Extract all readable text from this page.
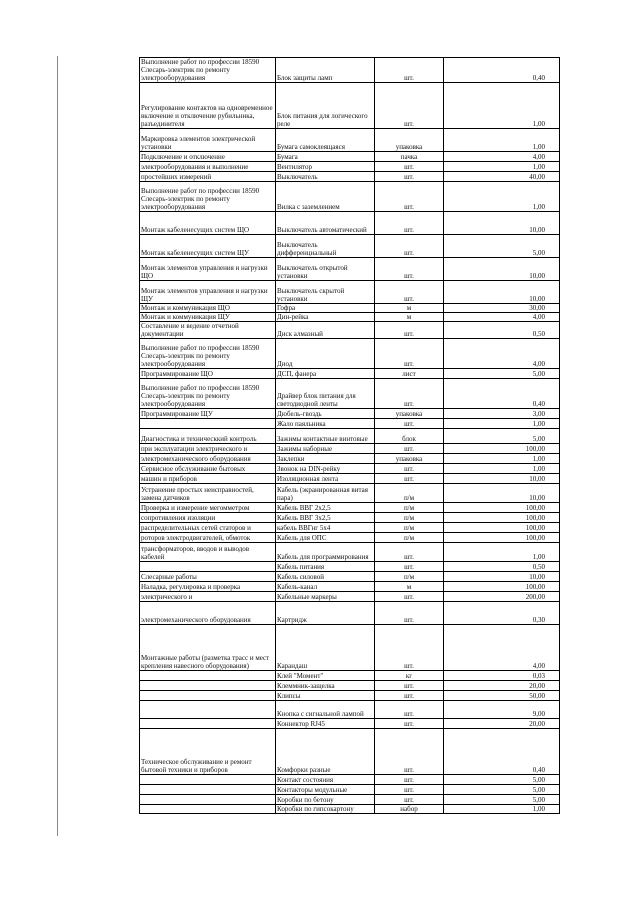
Выполнение работ по профессии 18590 Слесарь-электрик по ремонту электрооборудования	Блок защиты ламп	шт.	0,40
Регулирование контактов на одновременное включение и отключение рубильника, разъединителя	Блок питания для логического реле	шт.	1,00
Маркировка элементов электрической установки	Бумага самоклеящаяся	упаковка	1,00
Подключение и отключение	Бумага	пачка	4,00
электрооборудования и выполнение	Вентилятор	шт.	1,00
простейших измерений	Выключатель	шт.	40,00
Выполнение работ по профессии 18590 Слесарь-электрик по ремонту электрооборудования	Вилка с заземлением	шт.	1,00
Монтаж кабеленесущих систем ЩО	Выключатель автоматический	шт.	10,00
Монтаж кабеленесущих систем ЩУ	Выключатель дифференциальный	шт.	5,00
Монтаж элементов управления и нагрузки ЩО	Выключатель открытой установки	шт.	10,00
Монтаж элементов управления и нагрузки ЩУ	Выключатель скрытой установки	шт.	10,00
Монтаж и коммуникация ЩО	Гофра	м	30,00
Монтаж и коммуникация ЩУ	Дин-рейка	м	4,00
Составление и ведение отчетной документации	Диск алмазный	шт.	0,50
Выполнение работ по профессии 18590 Слесарь-электрик по ремонту электрооборудования	Диод	шт.	4,00
Программирование ЩО	ДСП, фанера	лист	5,00
Выполнение работ по профессии 18590 Слесарь-электрик по ремонту электрооборудования	Драйвер блок питания для светодиодной ленты	шт.	0,40
Программирование ЩУ	Дюбель-гвоздь	упаковка	3,00
	Жало паяльника	шт.	1,00
Диагностика и техническкий контроль	Зажимы контактные винтовые	блок	5,00
при эксплуатации электрического и	Зажимы наборные	шт.	100,00
электромеханического оборудования	Заклепки	упаковка	1,00
Сервисное обслуживание бытовых	Звонок на DIN-рейку	шт.	1,00
машин и приборов	Изоляционная лента	шт.	10,00
Устранение простых неисправностей, замена датчиков	Кабель (экранированная витая пара)	п/м	10,00
Проверка и измерение мегомметром	Кабель ВВГ 2х2,5	п/м	100,00
сопротивления изоляции	Кабель ВВГ 3х2,5	п/м	100,00
распределительных сетей статоров и	кабель ВВГнг 5х4	п/м	100,00
роторов электродвигателей, обмоток	Кабель для ОПС	п/м	100,00
трансформаторов, вводов и выводов кабелей	Кабель для программирования	шт.	1,00
	Кабель питания	шт.	0,50
Слесарные работы	Кабель силовой	п/м	10,00
Наладка, регулировка и проверка	Кабель-канал	м	100,00
электрического и	Кабельные маркеры	шт.	200,00
электромеханического оборудования	Картридж	шт.	0,30
Монтажные работы (разметка трасс и мест крепления навесного оборудования)	Карандаш	шт.	4,00
	Клей "Момент"	кг	0,03
	Клеммник-защелка	шт.	20,00
	Клипсы	шт.	50,00
	Кнопка с сигнальной лампой	шт.	9,00
	Коннектор RJ45	шт.	20,00
Техническое обслуживание и ремонт бытовой техники и приборов	Комфорки разные	шт.	0,40
	Контакт состояния	шт.	5,00
	Контакторы модульные	шт.	5,00
	Коробки по бетону	шт.	5,00
	Коробки по гипсокартону	набор	1,00
